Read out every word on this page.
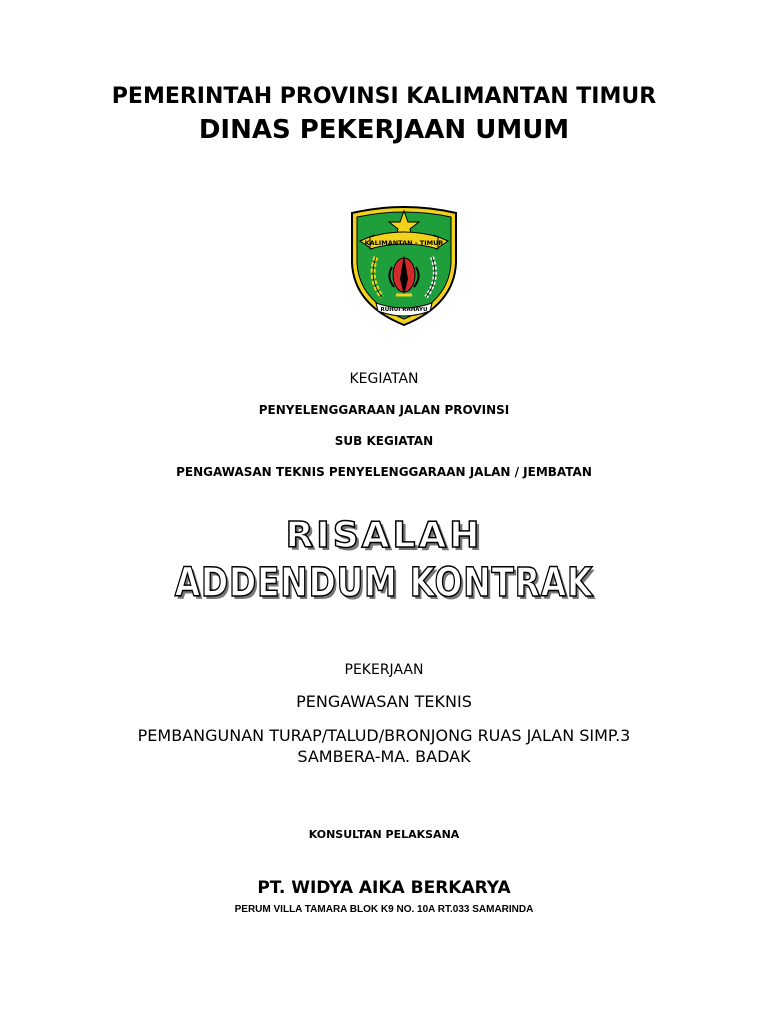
PEMERINTAH PROVINSI KALIMANTAN TIMUR
DINAS PEKERJAAN UMUM
KALIMANTAN - TIMUR
RUHUI RAHAYU
KEGIATAN
PENYELENGGARAAN JALAN PROVINSI
SUB KEGIATAN
PENGAWASAN TEKNIS PENYELENGGARAAN JALAN / JEMBATAN
RISALAH
ADDENDUM KONTRAK
PEKERJAAN
PENGAWASAN TEKNIS
PEMBANGUNAN TURAP/TALUD/BRONJONG RUAS JALAN SIMP.3
SAMBERA-MA. BADAK
KONSULTAN PELAKSANA
PT. WIDYA AIKA BERKARYA
PERUM VILLA TAMARA BLOK K9 NO. 10A RT.033 SAMARINDA
